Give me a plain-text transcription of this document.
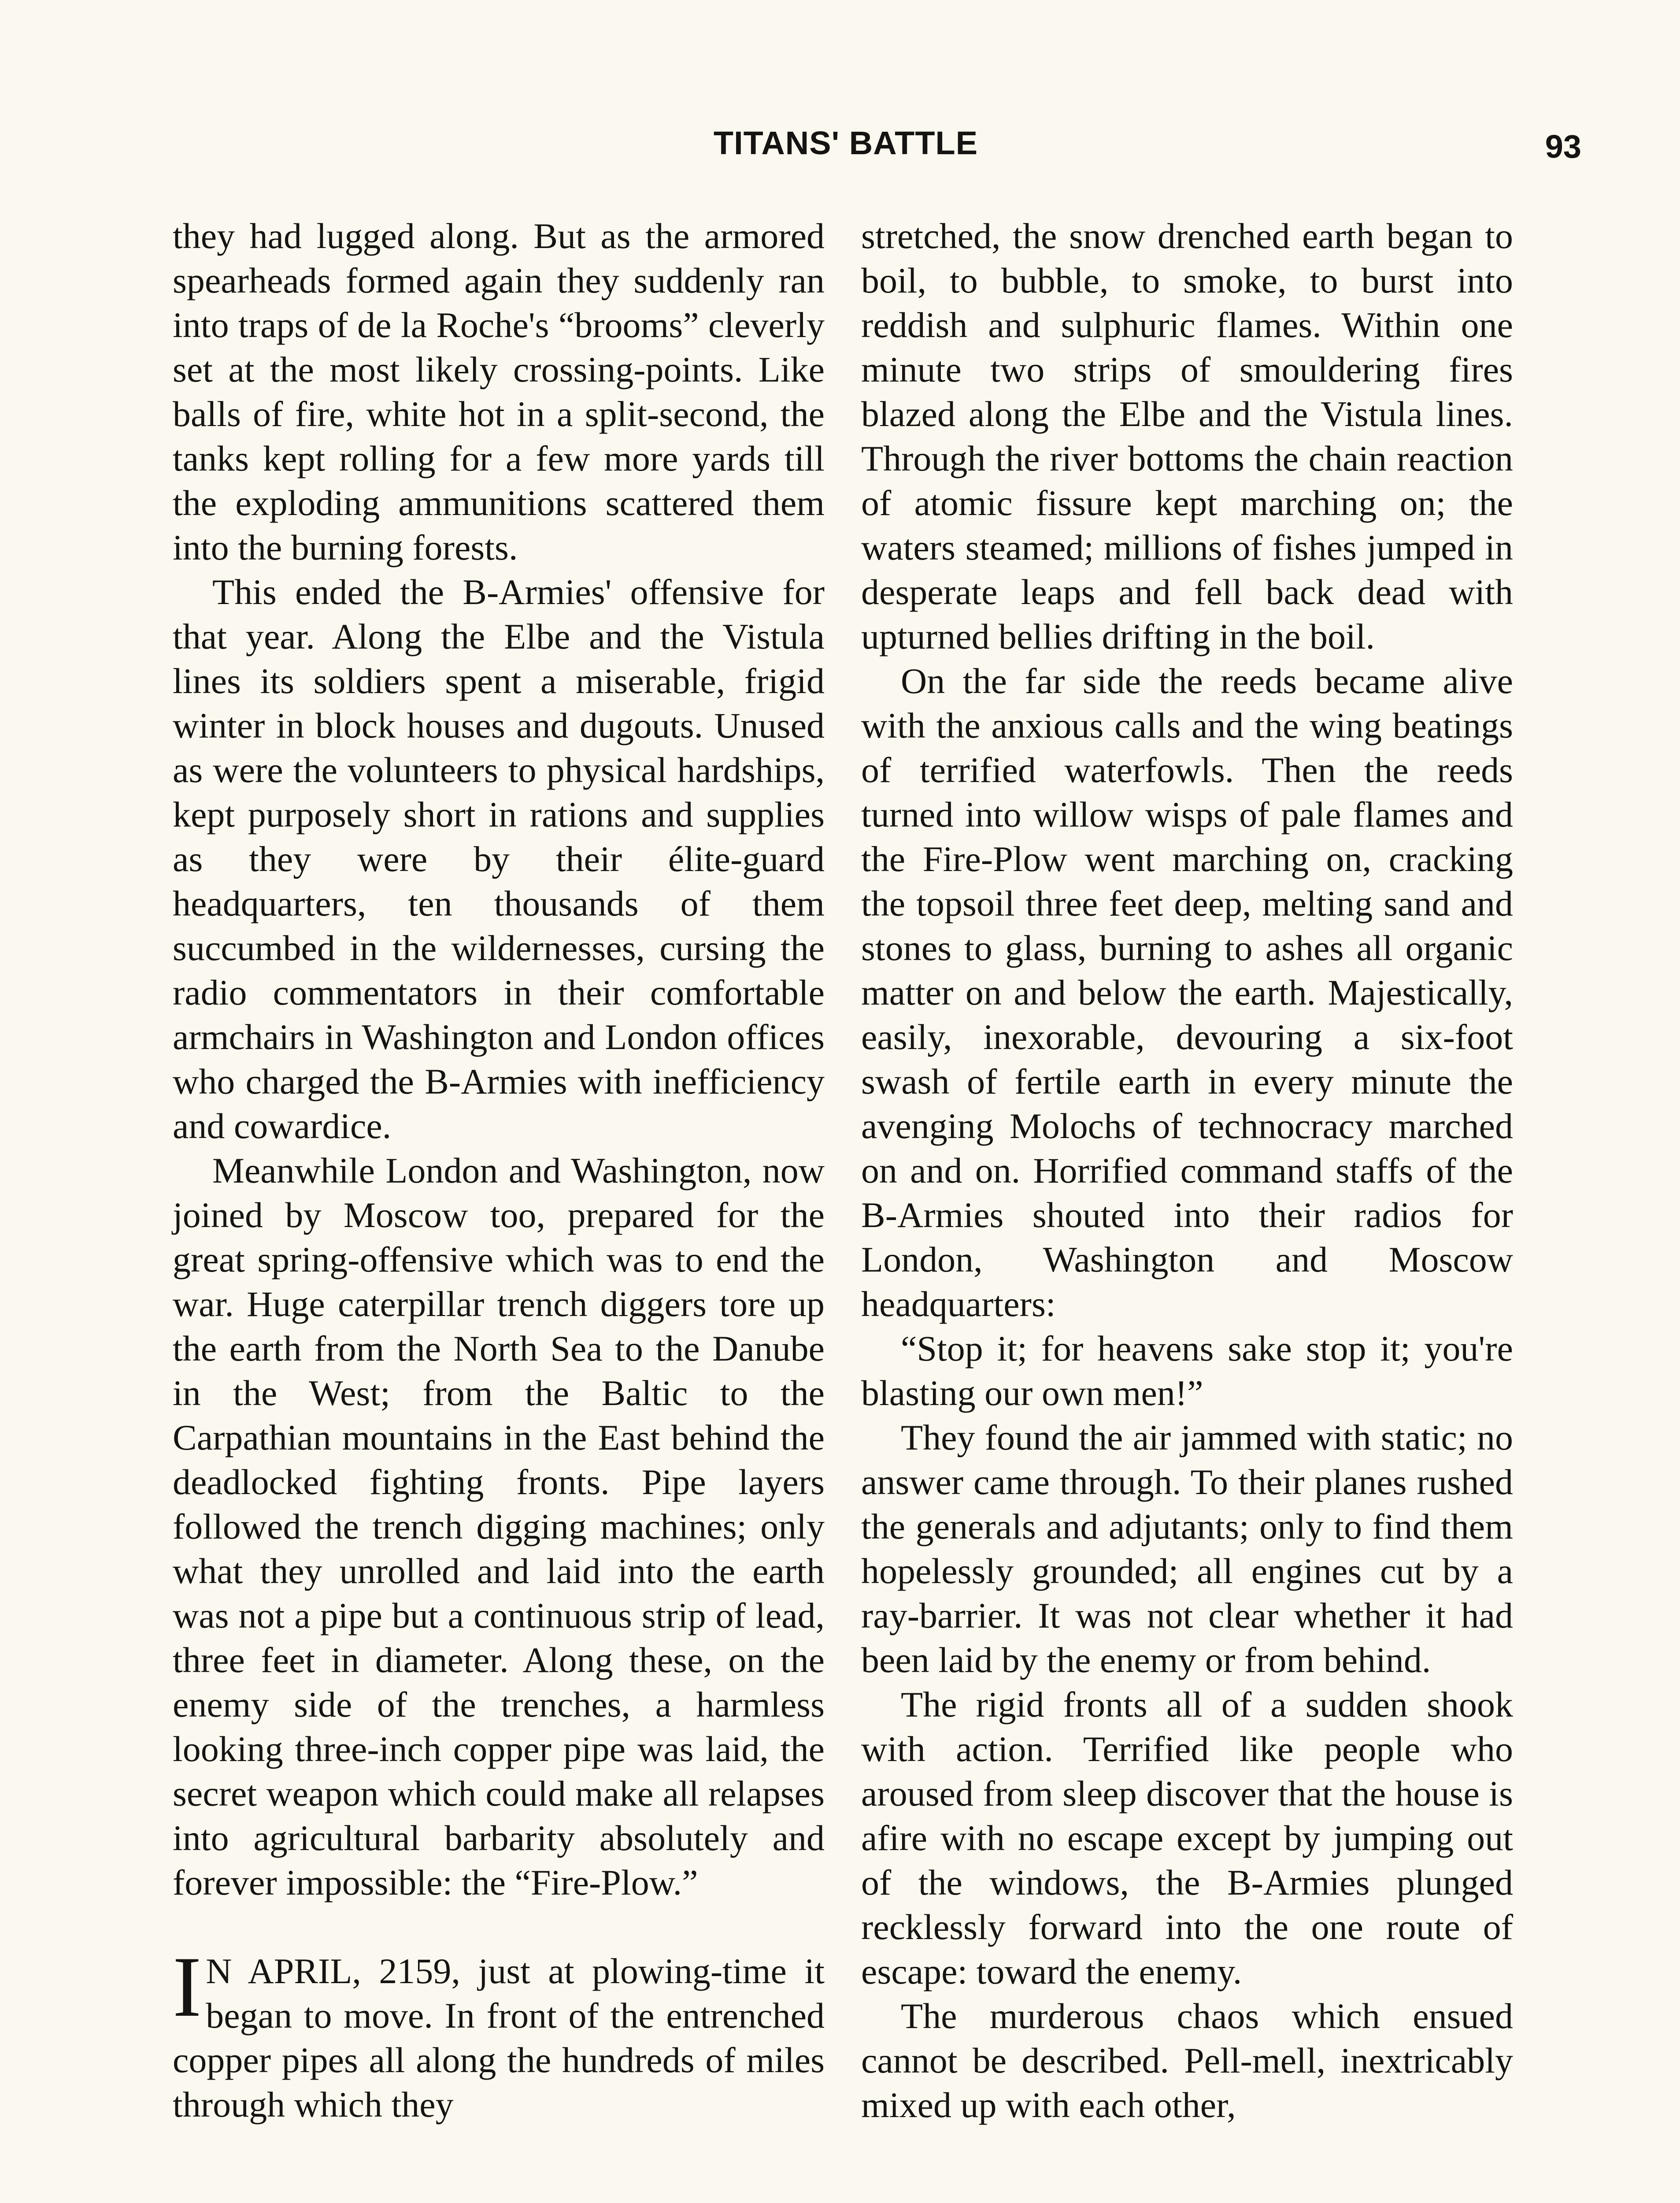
TITANS' BATTLE	93

they had lugged along. But as the armored spearheads formed again they suddenly ran into traps of de la Roche's “brooms” cleverly set at the most likely crossing-points. Like balls of fire, white hot in a split-second, the tanks kept rolling for a few more yards till the exploding ammunitions scattered them into the burning forests.

This ended the B-Armies' offensive for that year. Along the Elbe and the Vistula lines its soldiers spent a miserable, frigid winter in block houses and dugouts. Unused as were the volunteers to physical hardships, kept purposely short in rations and supplies as they were by their élite-guard headquarters, ten thousands of them succumbed in the wildernesses, cursing the radio commentators in their comfortable armchairs in Washington and London offices who charged the B-Armies with inefficiency and cowardice.

Meanwhile London and Washington, now joined by Moscow too, prepared for the great spring-offensive which was to end the war. Huge caterpillar trench diggers tore up the earth from the North Sea to the Danube in the West; from the Baltic to the Carpathian mountains in the East behind the deadlocked fighting fronts. Pipe layers followed the trench digging machines; only what they unrolled and laid into the earth was not a pipe but a continuous strip of lead, three feet in diameter. Along these, on the enemy side of the trenches, a harmless looking three-inch copper pipe was laid, the secret weapon which could make all relapses into agricultural barbarity absolutely and forever impossible: the “Fire-Plow.”

I N APRIL, 2159, just at plowing-time it began to move. In front of the entrenched copper pipes all along the hundreds of miles through which they

stretched, the snow drenched earth began to boil, to bubble, to smoke, to burst into reddish and sulphuric flames. Within one minute two strips of smouldering fires blazed along the Elbe and the Vistula lines. Through the river bottoms the chain reaction of atomic fissure kept marching on; the waters steamed; millions of fishes jumped in desperate leaps and fell back dead with upturned bellies drifting in the boil.

On the far side the reeds became alive with the anxious calls and the wing beatings of terrified waterfowls. Then the reeds turned into willow wisps of pale flames and the Fire-Plow went marching on, cracking the topsoil three feet deep, melting sand and stones to glass, burning to ashes all organic matter on and below the earth. Majestically, easily, inexorable, devouring a six-foot swash of fertile earth in every minute the avenging Molochs of technocracy marched on and on. Horrified command staffs of the B-Armies shouted into their radios for London, Washington and Moscow headquarters:

“Stop it; for heavens sake stop it; you're blasting our own men!”

They found the air jammed with static; no answer came through. To their planes rushed the generals and adjutants; only to find them hopelessly grounded; all engines cut by a ray-barrier. It was not clear whether it had been laid by the enemy or from behind.

The rigid fronts all of a sudden shook with action. Terrified like people who aroused from sleep discover that the house is afire with no escape except by jumping out of the windows, the B-Armies plunged recklessly forward into the one route of escape: toward the enemy.

The murderous chaos which ensued cannot be described. Pell-mell, inextricably mixed up with each other,
